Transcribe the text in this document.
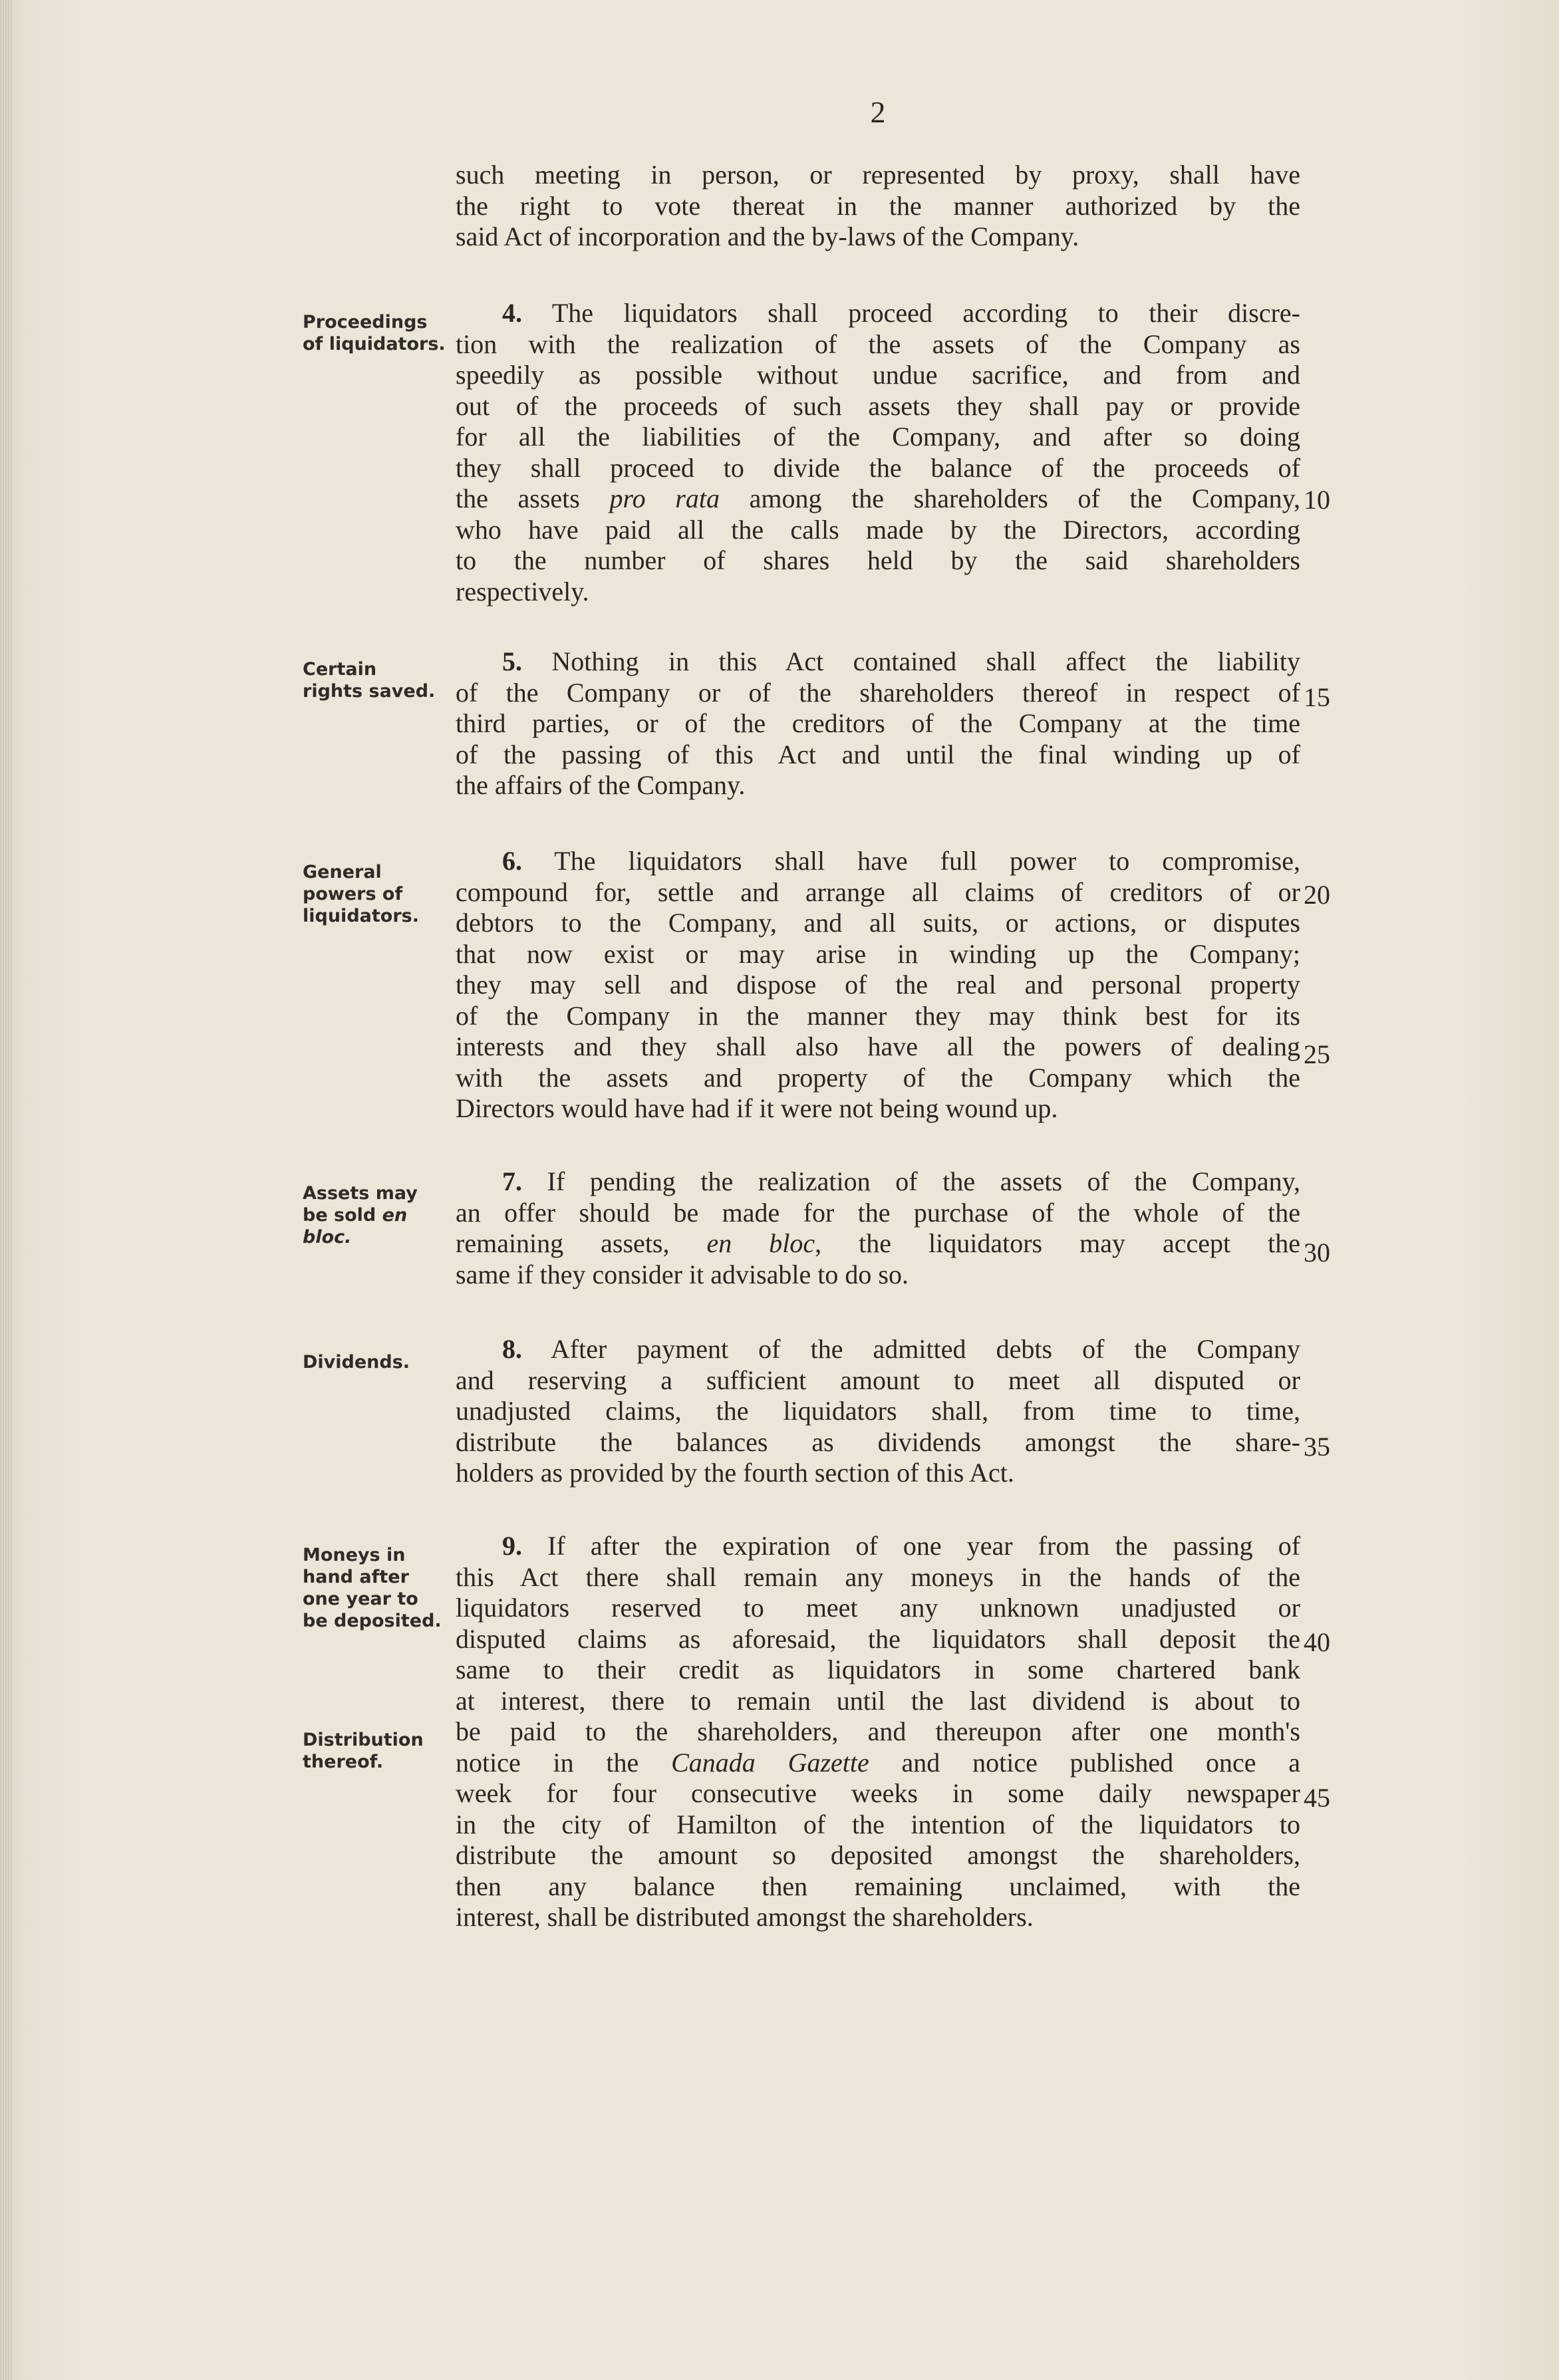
2
such meeting in person, or represented by proxy, shall have
the right to vote thereat in the manner authorized by the
said Act of incorporation and the by-laws of the Company.
Proceedings
of liquidators.
4. The liquidators shall proceed according to their discre-
tion with the realization of the assets of the Company as
speedily as possible without undue sacrifice, and from and
out of the proceeds of such assets they shall pay or provide
for all the liabilities of the Company, and after so doing
they shall proceed to divide the balance of the proceeds of
the assets pro rata among the shareholders of the Company,
who have paid all the calls made by the Directors, according
to the number of shares held by the said shareholders
respectively.
10
Certain
rights saved.
5. Nothing in this Act contained shall affect the liability
of the Company or of the shareholders thereof in respect of
third parties, or of the creditors of the Company at the time
of the passing of this Act and until the final winding up of
the affairs of the Company.
15
General
powers of
liquidators.
6. The liquidators shall have full power to compromise,
compound for, settle and arrange all claims of creditors of or
debtors to the Company, and all suits, or actions, or disputes
that now exist or may arise in winding up the Company;
they may sell and dispose of the real and personal property
of the Company in the manner they may think best for its
interests and they shall also have all the powers of dealing
with the assets and property of the Company which the
Directors would have had if it were not being wound up.
20
25
Assets may
be sold en
bloc.
7. If pending the realization of the assets of the Company,
an offer should be made for the purchase of the whole of the
remaining assets, en bloc, the liquidators may accept the
same if they consider it advisable to do so.
30
Dividends.	8. After payment of the admitted debts of the Company
and reserving a sufficient amount to meet all disputed or
unadjusted claims, the liquidators shall, from time to time,
distribute the balances as dividends amongst the share-
holders as provided by the fourth section of this Act.
35
Moneys in
hand after
one year to
be deposited.
Distribution
thereof.
9. If after the expiration of one year from the passing of
this Act there shall remain any moneys in the hands of the
liquidators reserved to meet any unknown unadjusted or
disputed claims as aforesaid, the liquidators shall deposit the
same to their credit as liquidators in some chartered bank
at interest, there to remain until the last dividend is about to
be paid to the shareholders, and thereupon after one month's
notice in the Canada Gazette and notice published once a
week for four consecutive weeks in some daily newspaper
in the city of Hamilton of the intention of the liquidators to
distribute the amount so deposited amongst the shareholders,
then any balance then remaining unclaimed, with the
interest, shall be distributed amongst the shareholders.
40
45
